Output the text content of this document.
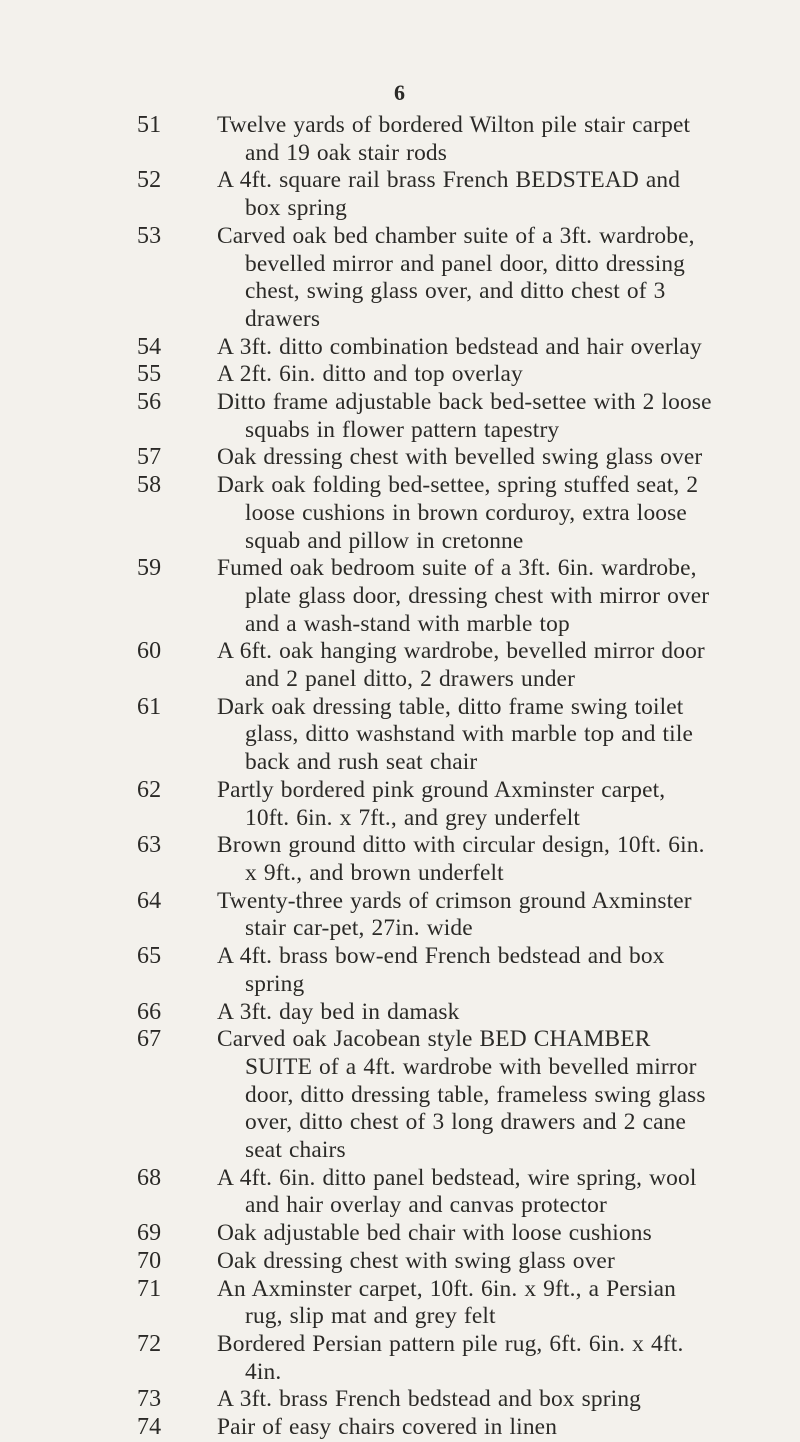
6
51	Twelve yards of bordered Wilton pile stair carpet and 19 oak stair rods
52	A 4ft. square rail brass French BEDSTEAD and box spring
53	Carved oak bed chamber suite of a 3ft. wardrobe, bevelled mirror and panel door, ditto dressing chest, swing glass over, and ditto chest of 3 drawers
54	A 3ft. ditto combination bedstead and hair overlay
55	A 2ft. 6in. ditto and top overlay
56	Ditto frame adjustable back bed-settee with 2 loose squabs in flower pattern tapestry
57	Oak dressing chest with bevelled swing glass over
58	Dark oak folding bed-settee, spring stuffed seat, 2 loose cushions in brown corduroy, extra loose squab and pillow in cretonne
59	Fumed oak bedroom suite of a 3ft. 6in. wardrobe, plate glass door, dressing chest with mirror over and a wash-stand with marble top
60	A 6ft. oak hanging wardrobe, bevelled mirror door and 2 panel ditto, 2 drawers under
61	Dark oak dressing table, ditto frame swing toilet glass, ditto washstand with marble top and tile back and rush seat chair
62	Partly bordered pink ground Axminster carpet, 10ft. 6in. x 7ft., and grey underfelt
63	Brown ground ditto with circular design, 10ft. 6in. x 9ft., and brown underfelt
64	Twenty-three yards of crimson ground Axminster stair car-pet, 27in. wide
65	A 4ft. brass bow-end French bedstead and box spring
66	A 3ft. day bed in damask
67	Carved oak Jacobean style BED CHAMBER SUITE of a 4ft. wardrobe with bevelled mirror door, ditto dressing table, frameless swing glass over, ditto chest of 3 long drawers and 2 cane seat chairs
68	A 4ft. 6in. ditto panel bedstead, wire spring, wool and hair overlay and canvas protector
69	Oak adjustable bed chair with loose cushions
70	Oak dressing chest with swing glass over
71	An Axminster carpet, 10ft. 6in. x 9ft., a Persian rug, slip mat and grey felt
72	Bordered Persian pattern pile rug, 6ft. 6in. x 4ft. 4in.
73	A 3ft. brass French bedstead and box spring
74	Pair of easy chairs covered in linen
